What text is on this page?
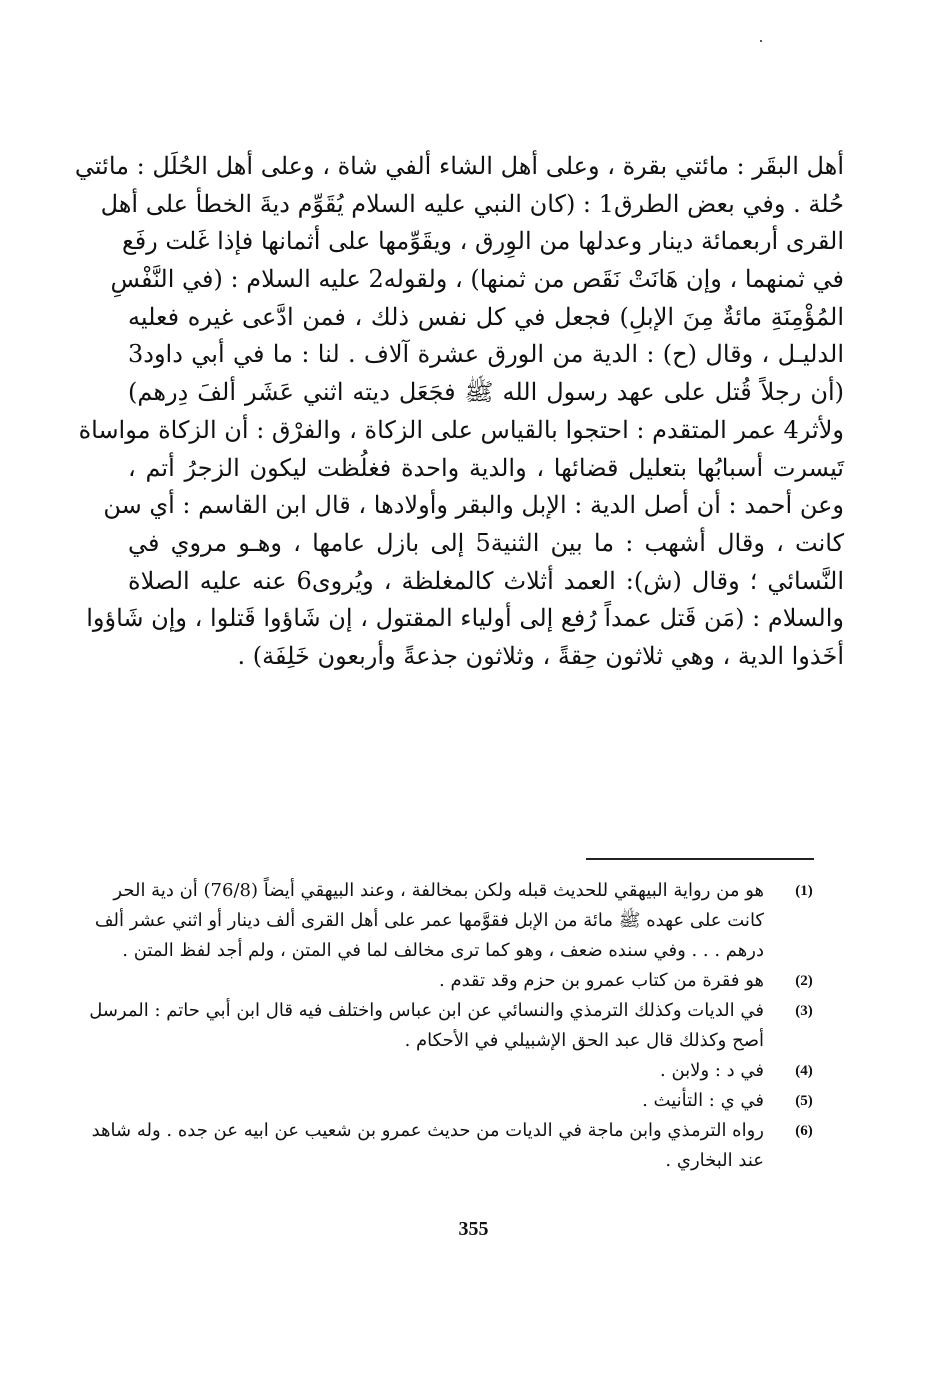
أهل البقَر : مائتي بقرة ، وعلى أهل الشاء ألفي شاة ، وعلى أهل الحُلَل : مائتي
حُلة . وفي بعض الطرق1 : (كان النبي عليه السلام يُقَوِّم ديةَ الخطأ على أهل
القرى أربعمائة دينار وعدلها من الوِرق ، ويقَوِّمها على أثمانها فإذا غَلت رفَع
في ثمنهما ، وإن هَانَتْ نَقَص من ثمنها) ، ولقوله2 عليه السلام : (في النَّفْسِ
المُؤْمِنَةِ مائةٌ مِنَ الإبلِ) فجعل في كل نفس ذلك ، فمن ادَّعى غيره فعليه
الدليـل ، وقال (ح) : الدية من الورق عشرة آلاف . لنا : ما في أبي داود3
(أن رجلاً قُتل على عهد رسول الله ﷺ فجَعَل ديته اثني عَشَر ألفَ دِرهم)
ولأثر4 عمر المتقدم : احتجوا بالقياس على الزكاة ، والفرْق : أن الزكاة مواساة
تَيسرت أسبابُها بتعليل قضائها ، والدية واحدة فغلُظت ليكون الزجرُ أتم ،
وعن أحمد : أن أصل الدية : الإبل والبقر وأولادها ، قال ابن القاسم : أي سن
كانت ، وقال أشهب : ما بين الثنية5 إلى بازل عامها ، وهـو مروي في
النَّسائي ؛ وقال (ش): العمد أثلاث كالمغلظة ، ويُروى6 عنه عليه الصلاة
والسلام : (مَن قَتل عمداً رُفع إلى أولياء المقتول ، إن شَاؤوا قَتلوا ، وإن شَاؤوا
أخَذوا الدية ، وهي ثلاثون حِقةً ، وثلاثون جذعةً وأربعون خَلِفَة) .
(1)
هو من رواية البيهقي للحديث قبله ولكن بمخالفة ، وعند البيهقي أيضاً (76/8) أن دية الحر
كانت على عهده ﷺ مائة من الإبل فقوَّمها عمر على أهل القرى ألف دينار أو اثني عشر ألف
درهم . . . وفي سنده ضعف ، وهو كما ترى مخالف لما في المتن ، ولم أجد لفظ المتن .
(2)
هو فقرة من كتاب عمرو بن حزم وقد تقدم .
(3)
في الديات وكذلك الترمذي والنسائي عن ابن عباس واختلف فيه قال ابن أبي حاتم : المرسل
أصح وكذلك قال عبد الحق الإشبيلي في الأحكام .
(4)
في د : ولابن .
(5)
في ي : التأنيث .
(6)
رواه الترمذي وابن ماجة في الديات من حديث عمرو بن شعيب عن ابيه عن جده . وله شاهد
عند البخاري .
355
